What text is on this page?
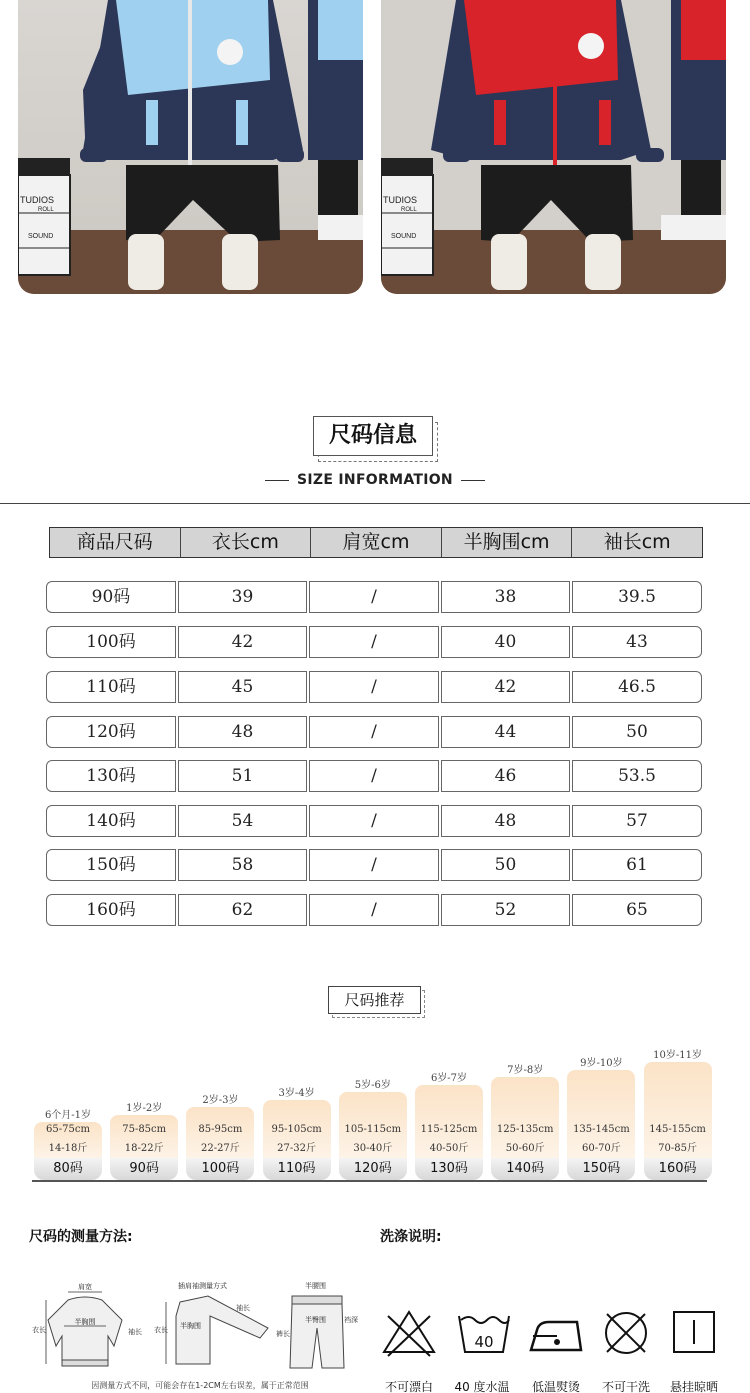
TUDIOS
ROLL
SOUND
TUDIOS
ROLL
SOUND
尺码信息
SIZE INFORMATION
商品尺码	衣长cm	肩宽cm	半胸围cm	袖长cm
90码	39	/	38	39.5
100码	42	/	40	43
110码	45	/	42	46.5
120码	48	/	44	50
130码	51	/	46	53.5
140码	54	/	48	57
150码	58	/	50	61
160码	62	/	52	65
尺码推荐
6个月-1岁
65-75cm
14-18斤
80码
1岁-2岁
75-85cm
18-22斤
90码
2岁-3岁
85-95cm
22-27斤
100码
3岁-4岁
95-105cm
27-32斤
110码
5岁-6岁
105-115cm
30-40斤
120码
6岁-7岁
115-125cm
40-50斤
130码
7岁-8岁
125-135cm
50-60斤
140码
9岁-10岁
135-145cm
60-70斤
150码
10岁-11岁
145-155cm
70-85斤
160码
尺码的测量方法:	洗涤说明:
肩宽
半胸围
衣长	袖长
插肩袖测量方式
衣长 半胸围
袖长
半腰围
半臀围
裤长
裆深
因测量方式不同，可能会存在1-2CM左右误差，属于正常范围
40
不可漂白	40 度水温	低温熨烫	不可干洗	悬挂晾晒
